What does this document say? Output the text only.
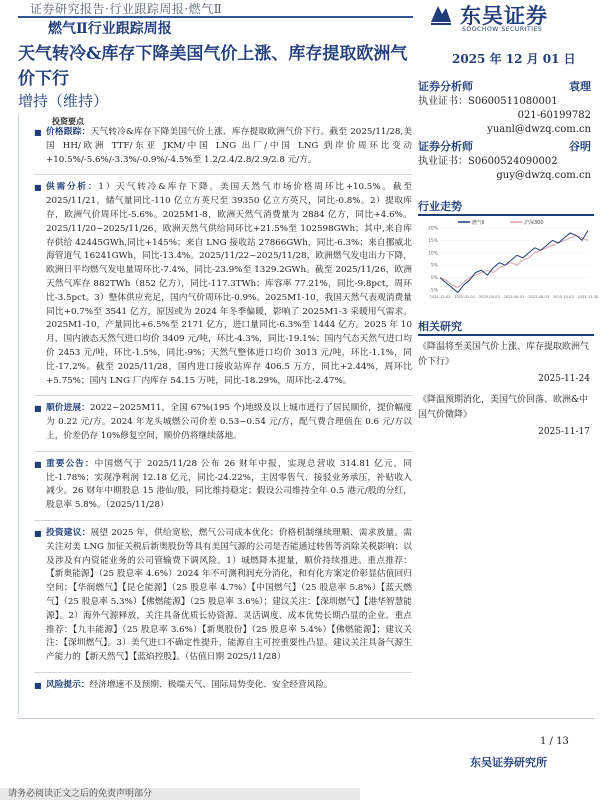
证券研究报告·行业跟踪周报·燃气Ⅱ
燃气Ⅱ行业跟踪周报
东吴证券
SOOCHOW SECURITIES
天气转冷&库存下降美国气价上涨、库存提取欧洲气价下行
2025 年 12 月 01 日
增持（维持）
证券分析师	袁理
执业证书：S0600511080001
021-60199782
yuanl@dwzq.com.cn
证券分析师	谷明
执业证书：S0600524090002
guy@dwzq.com.cn
投资要点
■ 价格跟踪：天气转冷&库存下降美国气价上涨、库存提取欧洲气价下行。截至 2025/11/28,美国 HH/欧洲 TTF/东亚 JKM/中国 LNG 出厂/中国 LNG 到岸价周环比变动+10.5%/-5.6%/-3.3%/-0.9%/-4.5%至 1.2/2.4/2.8/2.9/2.8 元/方。
■ 供需分析：1）天气转冷&库存下降，美国天然气市场价格周环比+10.5%。截至 2025/11/21，储气量同比-110 亿立方英尺至 39350 亿立方英尺，同比-0.8%。2）提取库存，欧洲气价周环比-5.6%。2025M1-8，欧洲天然气消费量为 2884 亿方，同比+4.6%。2025/11/20~2025/11/26，欧洲天然气供给同环比+21.5%至 102598GWh；其中,来自库存供给 42445GWh,同比+145%；来自 LNG 接收站 27866GWh，同比-6.3%；来自挪威北海管道气 16241GWh，同比-13.4%。2025/11/22~2025/11/28，欧洲燃气发电出力下降，欧洲日平均燃气发电量周环比-7.4%，同比-23.9%至 1329.2GWh。截至 2025/11/26，欧洲天然气库存 882TWh（852 亿方），同比-117.3TWh；库容率 77.21%，同比-9.8pct，周环比-3.5pct。3）整体供应充足，国内气价周环比-0.9%。2025M1-10，我国天然气表观消费量同比+0.7%至 3541 亿方，原因或为 2024 年冬季偏暖，影响了 2025M1-3 采暖用气需求。2025M1-10，产量同比+6.5%至 2171 亿方，进口量同比-6.3%至 1444 亿方。2025 年 10 月，国内液态天然气进口均价 3409 元/吨，环比-4.3%，同比-19.1%；国内气态天然气进口均价 2453 元/吨，环比-1.5%，同比-9%；天然气整体进口均价 3013 元/吨，环比-1.1%，同比-17.2%。截至 2025/11/28，国内进口接收站库存 406.5 万方，同比+2.44%，周环比+5.75%；国内 LNG 厂内库存 54.15 万吨，同比-18.29%，周环比-2.47%。
■ 顺价进展：2022~2025M11，全国 67%(195 个)地级及以上城市进行了居民顺价，提价幅度为 0.22 元/方。2024 年龙头城燃公司价差 0.53~0.54 元/方，配气费合理值在 0.6 元/方以上，价差仍存 10%修复空间，顺价仍将继续落地。
■ 重要公告：中国燃气于 2025/11/28 公布 26 财年中报，实现总营收 314.81 亿元，同比-1.78%；实现净利润 12.18 亿元，同比-24.22%，主因零售气、接驳业务承压，补贴收入减少。26 财年中期股息 15 港仙/股，同比维持稳定；假设公司维持全年 0.5 港元/股的分红，股息率 5.8%。（2025/11/28）
■ 投资建议：展望 2025 年，供给宽松，燃气公司成本优化；价格机制继续理顺、需求放量。需关注对美 LNG 加征关税后新奥股份等具有美国气源的公司是否能通过转售等消除关税影响；以及涉及有内资能业务的公司管输费下调风险。1）城燃降本提量，顺价持续推进。重点推荐：【新奥能源】（25 股息率 4.6%）2024 年不可测利润充分消化，和有化方案定价彰显估值回归空间；【华润燃气】【昆仑能源】（25 股息率 4.7%）【中国燃气】（25 股息率 5.8%）【蓝天燃气】（25 股息率 5.3%）【佛燃能源】（25 股息率 3.6%）；建议关注：【深圳燃气】【港华智慧能源】。2）海外气源释放，关注具备优质长协资源、灵活调度、成本优势长期凸显的企业。重点推荐：【九丰能源】（25 股息率 3.6%）【新奥股份】（25 股息率 5.4%）【佛燃能源】；建议关注：【深圳燃气】。3）美气进口不确定性提升，能源自主可控重要性凸显。建议关注具备气源生产能力的【新天然气】【蓝焰控股】。（估值日期 2025/11/28）
■ 风险提示：经济增速不及预期、极端天气、国际局势变化、安全经营风险。
行业走势
燃气Ⅱ	沪深300
20%
15%
10%
5%
0%
-5%
2024-12-02 2025-02-01 2025-04-03 2025-06-03 2025-08-03 2025-10-03 2025-11-30
相关研究
《降温将至美国气价上涨、库存提取欧洲气价下行》
2025-11-24
《降温预期消化，美国气价回落、欧洲&中国气价微降》
2025-11-17
1 / 13
东吴证券研究所
请务必阅读正文之后的免责声明部分
